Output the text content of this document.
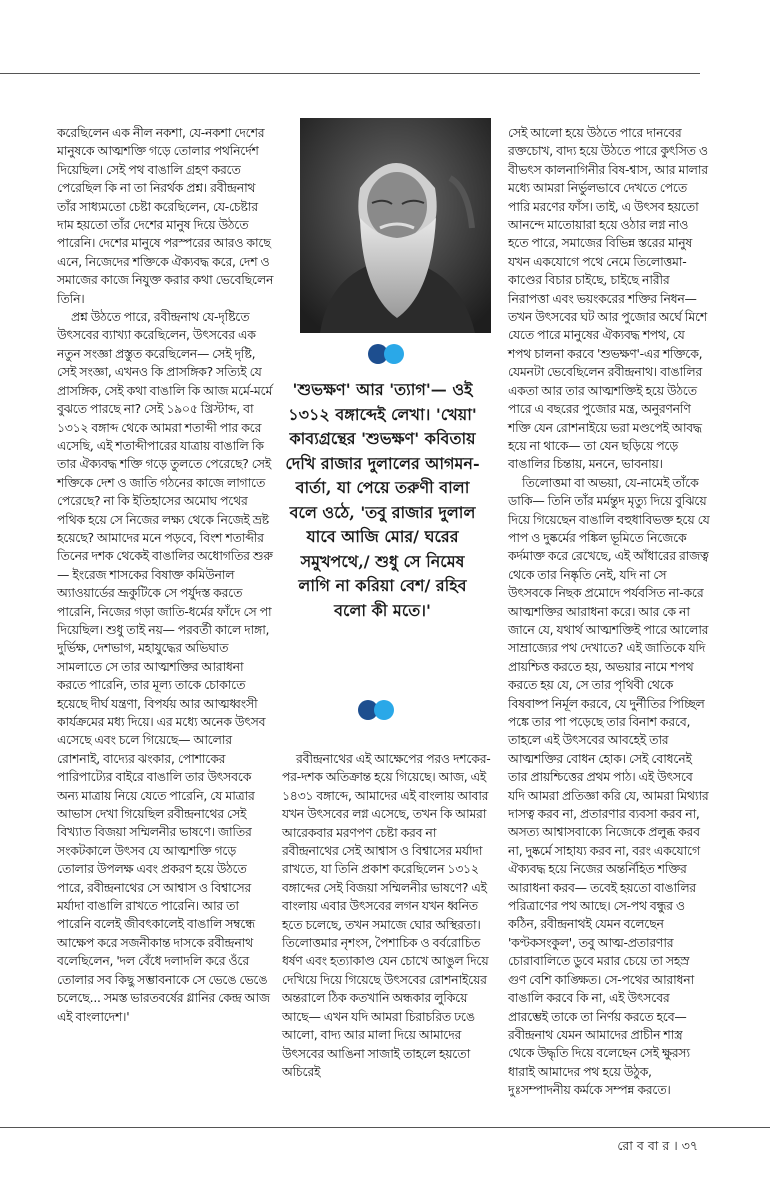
করেছিলেন এক নীল নকশা, যে-নকশা দেশের মানুষকে আত্মশক্তি গড়ে তোলার পথনির্দেশ দিয়েছিল। সেই পথ বাঙালি গ্রহণ করতে পেরেছিল কি না তা নিরর্থক প্রশ্ন। রবীন্দ্রনাথ তাঁর সাধ্যমতো চেষ্টা করেছিলেন, যে-চেষ্টার দাম হয়তো তাঁর দেশের মানুষ দিয়ে উঠতে পারেনি। দেশের মানুষে পরস্পরের আরও কাছে এনে, নিজেদের শক্তিকে ঐক্যবদ্ধ করে, দেশ ও সমাজের কাজে নিযুক্ত করার কথা ভেবেছিলেন তিনি।

প্রশ্ন উঠতে পারে, রবীন্দ্রনাথ যে-দৃষ্টিতে উৎসবের ব্যাখ্যা করেছিলেন, উৎসবের এক নতুন সংজ্ঞা প্রস্তুত করেছিলেন— সেই দৃষ্টি, সেই সংজ্ঞা, এখনও কি প্রাসঙ্গিক? সত্যিই যে প্রাসঙ্গিক, সেই কথা বাঙালি কি আজ মর্মে-মর্মে বুঝতে পারছে না? সেই ১৯০৫ খ্রিস্টাব্দ, বা ১৩১২ বঙ্গাব্দ থেকে আমরা শতাব্দী পার করে এসেছি, এই শতাব্দীপারের যাত্রায় বাঙালি কি তার ঐক্যবদ্ধ শক্তি গড়ে তুলতে পেরেছে? সেই শক্তিকে দেশ ও জাতি গঠনের কাজে লাগাতে পেরেছে? না কি ইতিহাসের অমোঘ পথের পথিক হয়ে সে নিজের লক্ষ্য থেকে নিজেই ভ্রষ্ট হয়েছে? আমাদের মনে পড়বে, বিংশ শতাব্দীর তিনের দশক থেকেই বাঙালির অধোগতির শুরু— ইংরেজ শাসকের বিষাক্ত কমিউনাল অ্যাওয়ার্ডের ভ্রূকুটিকে সে পর্যুদস্ত করতে পারেনি, নিজের গড়া জাতি-ধর্মের ফাঁদে সে পা দিয়েছিল। শুধু তাই নয়— পরবর্তী কালে দাঙ্গা, দুর্ভিক্ষ, দেশভাগ, মহাযুদ্ধের অভিঘাত সামলাতে সে তার আত্মশক্তির আরাধনা করতে পারেনি, তার মূল্য তাকে চোকাতে হয়েছে দীর্ঘ যন্ত্রণা, বিপর্যয় আর আত্মধ্বংসী কার্যক্রমের মধ্য দিয়ে। এর মধ্যে অনেক উৎসব এসেছে এবং চলে গিয়েছে— আলোর রোশনাই, বাদ্যের ঝংকার, পোশাকের পারিপাট্যের বাইরে বাঙালি তার উৎসবকে অন্য মাত্রায় নিয়ে যেতে পারেনি, যে মাত্রার আভাস দেখা গিয়েছিল রবীন্দ্রনাথের সেই বিখ্যাত বিজয়া সম্মিলনীর ভাষণে। জাতির সংকটকালে উৎসব যে আত্মশক্তি গড়ে তোলার উপলক্ষ এবং প্রকরণ হয়ে উঠতে পারে, রবীন্দ্রনাথের সে আশ্বাস ও বিশ্বাসের মর্যাদা বাঙালি রাখতে পারেনি। আর তা পারেনি বলেই জীবৎকালেই বাঙালি সম্বন্ধে আক্ষেপ করে সজনীকান্ত দাসকে রবীন্দ্রনাথ বলেছিলেন, 'দল বেঁধে দলাদলি করে ওঁরে তোলার সব কিছু সম্ভাবনাকে সে ভেঙে ভেঙে চলেছে... সমস্ত ভারতবর্ষের গ্লানির কেন্দ্র আজ এই বাংলাদেশ।'

'শুভক্ষণ' আর 'ত্যাগ'— ওই ১৩১২ বঙ্গাব্দেই লেখা। 'খেয়া' কাব্যগ্রন্থের 'শুভক্ষণ' কবিতায় দেখি রাজার দুলালের আগমন-বার্তা, যা পেয়ে তরুণী বালা বলে ওঠে, 'তবু রাজার দুলাল যাবে আজি মোর/ ঘরের সমুখপথে,/ শুধু সে নিমেষ লাগি না করিয়া বেশ/ রহিব বলো কী মতে।'

রবীন্দ্রনাথের এই আক্ষেপের পরও দশকের-পর-দশক অতিক্রান্ত হয়ে গিয়েছে। আজ, এই ১৪৩১ বঙ্গাব্দে, আমাদের এই বাংলায় আবার যখন উৎসবের লগ্ন এসেছে, তখন কি আমরা আরেকবার মরণপণ চেষ্টা করব না রবীন্দ্রনাথের সেই আশ্বাস ও বিশ্বাসের মর্যাদা রাখতে, যা তিনি প্রকাশ করেছিলেন ১৩১২ বঙ্গাব্দের সেই বিজয়া সম্মিলনীর ভাষণে? এই বাংলায় এবার উৎসবের লগন যখন ধ্বনিত হতে চলেছে, তখন সমাজে ঘোর অস্থিরতা। তিলোত্তমার নৃশংস, পৈশাচিক ও বর্বরোচিত ধর্ষণ এবং হত্যাকাণ্ড যেন চোখে আঙুল দিয়ে দেখিয়ে দিয়ে গিয়েছে উৎসবের রোশনাইয়ের অন্তরালে ঠিক কতখানি অন্ধকার লুকিয়ে আছে— এখন যদি আমরা চিরাচরিত ঢঙে আলো, বাদ্য আর মালা দিয়ে আমাদের উৎসবের আঙিনা সাজাই তাহলে হয়তো অচিরেই

সেই আলো হয়ে উঠতে পারে দানবের রক্তচোখ, বাদ্য হয়ে উঠতে পারে কুৎসিত ও বীভৎস কালনাগিনীর বিষ-শ্বাস, আর মালার মধ্যে আমরা নির্ভুলভাবে দেখতে পেতে পারি মরণের ফাঁস। তাই, এ উৎসব হয়তো আনন্দে মাতোয়ারা হয়ে ওঠার লগ্ন নাও হতে পারে, সমাজের বিভিন্ন স্তরের মানুষ যখন একযোগে পথে নেমে তিলোত্তমা-কাণ্ডের বিচার চাইছে, চাইছে নারীর নিরাপত্তা এবং ভয়ংকরের শক্তির নিধন— তখন উৎসবের ঘট আর পুজোর অর্ঘে মিশে যেতে পারে মানুষের ঐক্যবদ্ধ শপথ, যে শপথ চালনা করবে 'শুভক্ষণ'-এর শক্তিকে, যেমনটা ভেবেছিলেন রবীন্দ্রনাথ। বাঙালির একতা আর তার আত্মশক্তিই হয়ে উঠতে পারে এ বছরের পুজোর মন্ত্র, অনুরণনণি শক্তি যেন রোশনাইয়ে ভরা মণ্ডপেই আবদ্ধ হয়ে না থাকে— তা যেন ছড়িয়ে পড়ে বাঙালির চিন্তায়, মননে, ভাবনায়।

তিলোত্তমা বা অভয়া, যে-নামেই তাঁকে ডাকি— তিনি তাঁর মর্মন্তুদ মৃত্যু দিয়ে বুঝিয়ে দিয়ে গিয়েছেন বাঙালি বহুধাবিভক্ত হয়ে যে পাপ ও দুষ্কর্মের পঙ্কিল ভূমিতে নিজেকে কর্দমাক্ত করে রেখেছে, এই আঁধারের রাজত্ব থেকে তার নিষ্কৃতি নেই, যদি না সে উৎসবকে নিছক প্রমোদে পর্যবসিত না-করে আত্মশক্তির আরাধনা করে। আর কে না জানে যে, যথার্থ আত্মশক্তিই পারে আলোর সাম্রাজ্যের পথ দেখাতে? এই জাতিকে যদি প্রায়শ্চিত্ত করতে হয়, অভয়ার নামে শপথ করতে হয় যে, সে তার পৃথিবী থেকে বিষবাষ্প নির্মূল করবে, যে দুর্নীতির পিচ্ছিল পঙ্কে তার পা পড়েছে তার বিনাশ করবে, তাহলে এই উৎসবের আবহেই তার আত্মশক্তির বোধন হোক। সেই বোধনেই তার প্রায়শ্চিত্তের প্রথম পাঠ। এই উৎসবে যদি আমরা প্রতিজ্ঞা করি যে, আমরা মিথ্যার দাসত্ব করব না, প্রতারণার ব্যবসা করব না, অসত্য আশ্বাসবাক্যে নিজেকে প্রলুব্ধ করব না, দুষ্কর্মে সাহায্য করব না, বরং একযোগে ঐক্যবদ্ধ হয়ে নিজের অন্তর্নিহিত শক্তির আরাধনা করব— তবেই হয়তো বাঙালির পরিত্রাণের পথ আছে। সে-পথ বন্ধুর ও কঠিন, রবীন্দ্রনাথই যেমন বলেছেন 'কণ্টকসংকুল', তবু আত্ম-প্রতারণার চোরাবালিতে ডুবে মরার চেয়ে তা সহস্র গুণ বেশি কাঙ্ক্ষিত। সে-পথের আরাধনা বাঙালি করবে কি না, এই উৎসবের প্রারম্ভেই তাকে তা নির্ণয় করতে হবে— রবীন্দ্রনাথ যেমন আমাদের প্রাচীন শাস্ত্র থেকে উদ্ধৃতি দিয়ে বলেছেন সেই ক্ষুরস্য ধারাই আমাদের পথ হয়ে উঠুক, দুঃসম্পাদনীয় কর্মকে সম্পন্ন করতে।

রো ব বা র । ৩৭
